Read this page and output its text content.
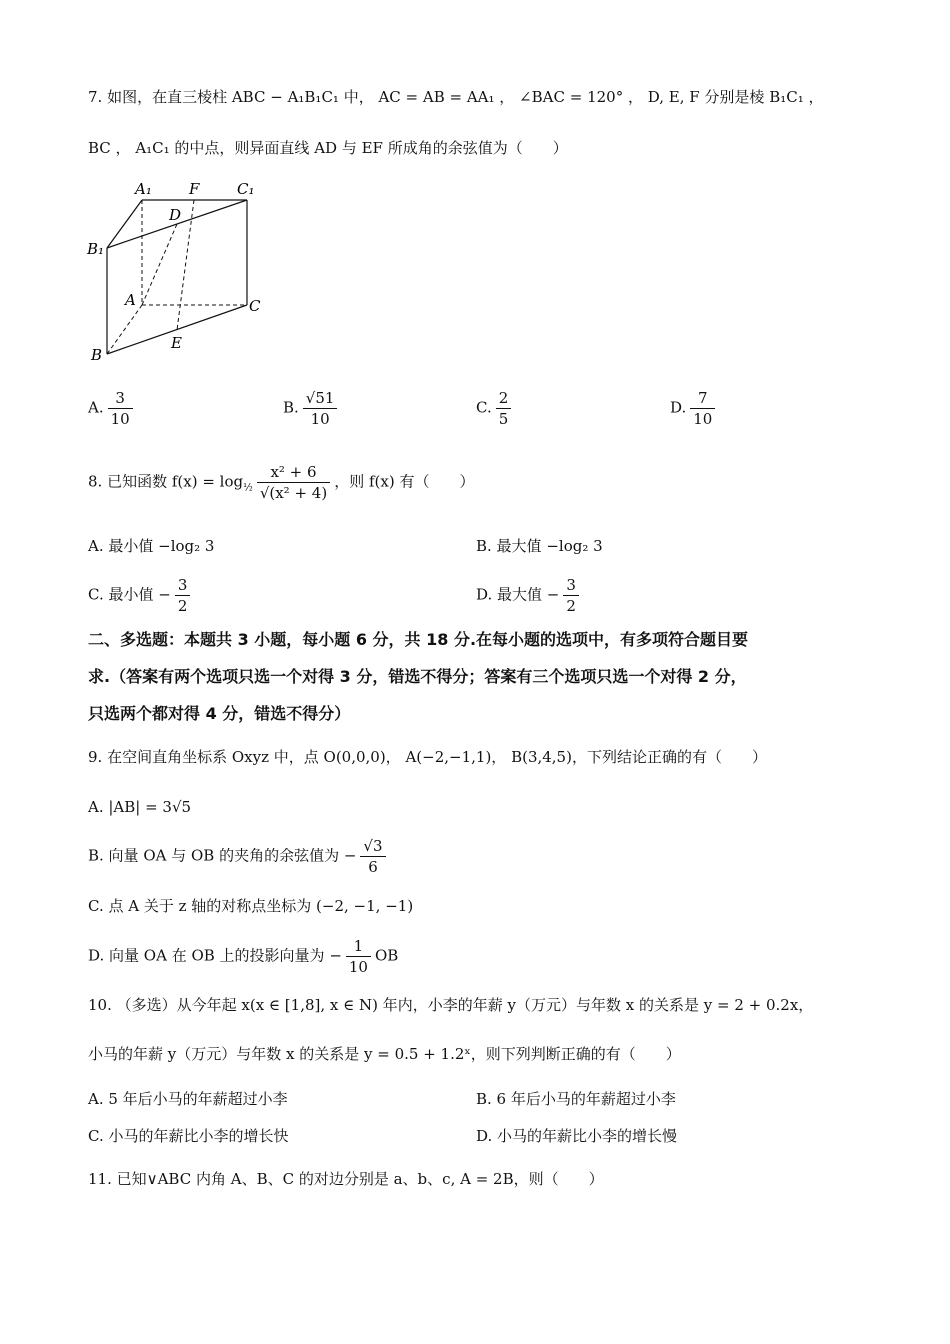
7. 如图，在直三棱柱 ABC − A₁B₁C₁ 中， AC = AB = AA₁ ， ∠BAC = 120° ， D, E, F 分别是棱 B₁C₁ ，
BC ， A₁C₁ 的中点，则异面直线 AD 与 EF 所成角的余弦值为（　　）
A₁ F	C₁
D
B₁
A	C
B
E
A. $\frac{3}{10}$	B. $\frac{√51}{10}$	C. $\frac{2}{5}$	D. $\frac{7}{10}$
8. 已知函数 $f(x) = \log_{\frac{1}{2}} \frac{\text{x² + 6}}{\text{√(x² + 4)}}$ ，则 f(x) 有（　　）
A. 最小值 −log₂ 3	B. 最大值 −log₂ 3
C. 最小值 − $\frac{3}{2}$	D. 最大值 − $\frac{3}{2}$
二、多选题：本题共 3 小题，每小题 6 分，共 18 分.在每小题的选项中，有多项符合题目要
求.（答案有两个选项只选一个对得 3 分，错选不得分；答案有三个选项只选一个对得 2 分，
只选两个都对得 4 分，错选不得分）
9. 在空间直角坐标系 Oxyz 中，点 O(0,0,0)， A(−2,−1,1)， B(3,4,5)，下列结论正确的有（　　）
A. |AB| = 3√5
B. 向量 OA 与 OB 的夹角的余弦值为 − $\frac{√3}{6}$
C. 点 A 关于 z 轴的对称点坐标为 (−2, −1, −1)
D. 向量 OA 在 OB 上的投影向量为 − $\frac{1}{10}$ OB
10. （多选）从今年起 x(x ∈ [1,8], x ∈ N) 年内，小李的年薪 y（万元）与年数 x 的关系是 y = 2 + 0.2x，
小马的年薪 y（万元）与年数 x 的关系是 y = 0.5 + 1.2ˣ，则下列判断正确的有（　　）
A. 5 年后小马的年薪超过小李	B. 6 年后小马的年薪超过小李
C. 小马的年薪比小李的增长快	D. 小马的年薪比小李的增长慢
11. 已知∨ABC 内角 A、B、C 的对边分别是 a、b、c, A = 2B，则（　　）
